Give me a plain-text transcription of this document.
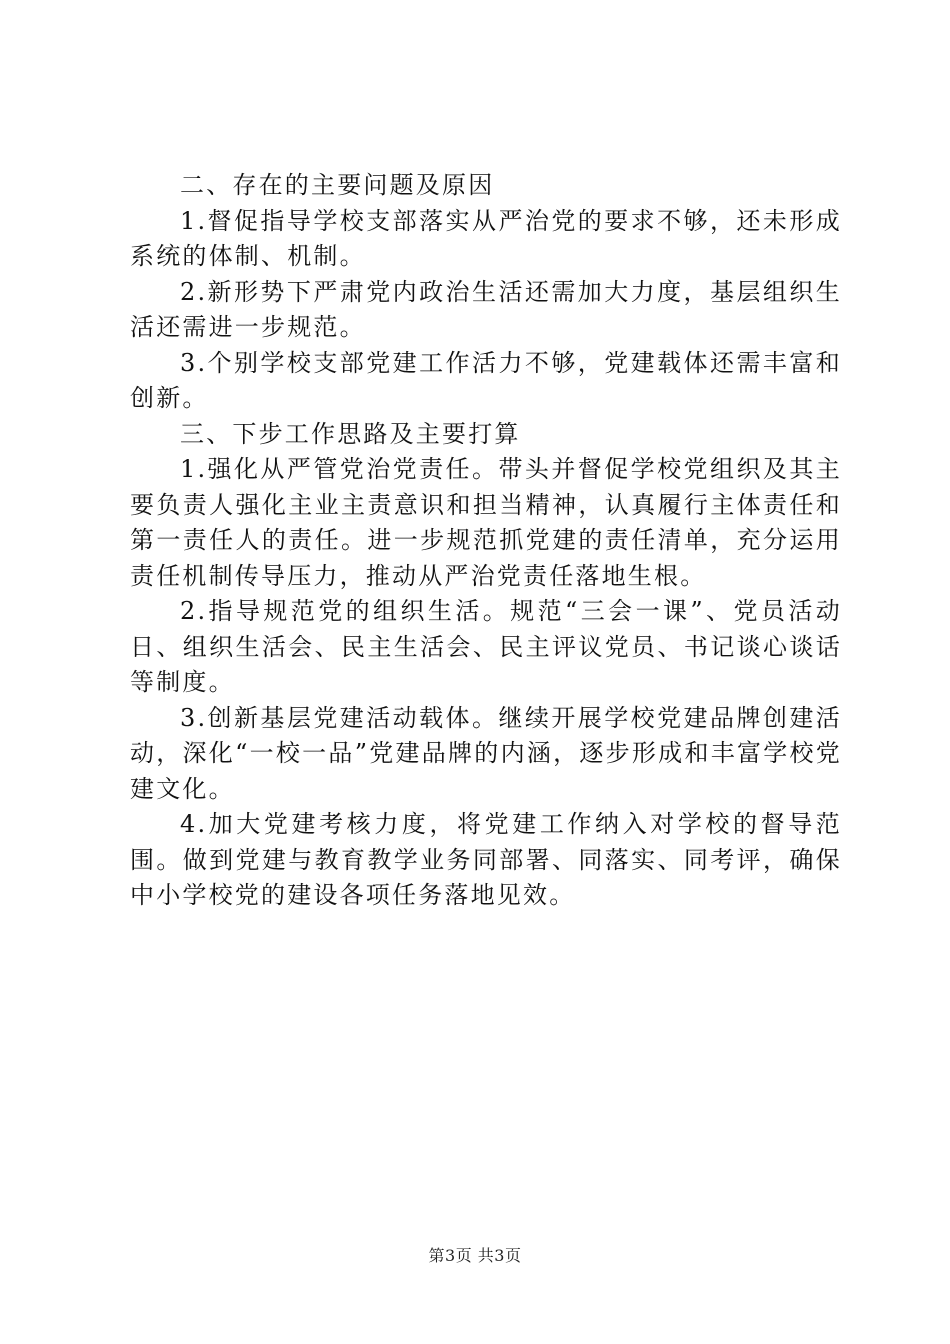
二、存在的主要问题及原因

1.督促指导学校支部落实从严治党的要求不够，还未形成系统的体制、机制。

2.新形势下严肃党内政治生活还需加大力度，基层组织生活还需进一步规范。

3.个别学校支部党建工作活力不够，党建载体还需丰富和创新。

三、下步工作思路及主要打算

1.强化从严管党治党责任。带头并督促学校党组织及其主要负责人强化主业主责意识和担当精神，认真履行主体责任和第一责任人的责任。进一步规范抓党建的责任清单，充分运用责任机制传导压力，推动从严治党责任落地生根。

2.指导规范党的组织生活。规范“三会一课”、党员活动日、组织生活会、民主生活会、民主评议党员、书记谈心谈话等制度。

3.创新基层党建活动载体。继续开展学校党建品牌创建活动，深化“一校一品”党建品牌的内涵，逐步形成和丰富学校党建文化。

4.加大党建考核力度，将党建工作纳入对学校的督导范围。做到党建与教育教学业务同部署、同落实、同考评，确保中小学校党的建设各项任务落地见效。

第3页 共3页
